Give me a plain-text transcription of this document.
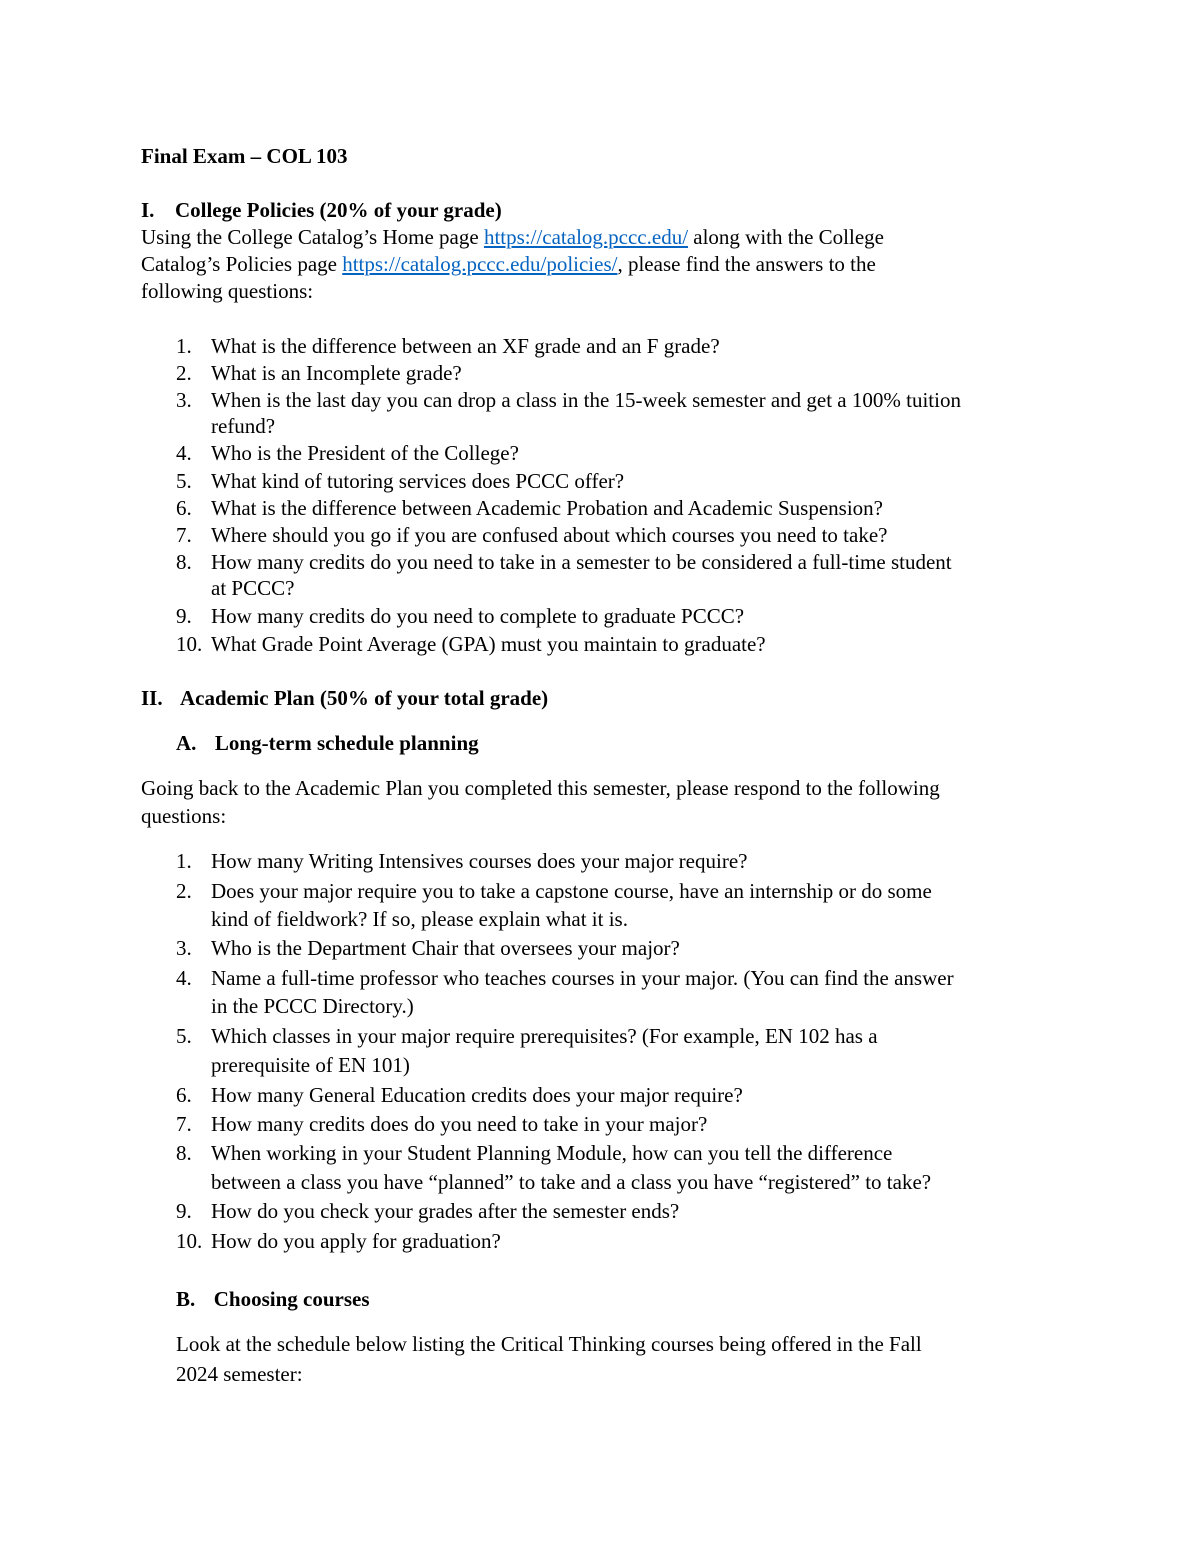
Final Exam – COL 103
I. College Policies (20% of your grade)
Using the College Catalog’s Home page https://catalog.pccc.edu/ along with the College
Catalog’s Policies page https://catalog.pccc.edu/policies/, please find the answers to the
following questions:
1. What is the difference between an XF grade and an F grade?
2. What is an Incomplete grade?
3. When is the last day you can drop a class in the 15-week semester and get a 100% tuition
refund?
4. Who is the President of the College?
5. What kind of tutoring services does PCCC offer?
6. What is the difference between Academic Probation and Academic Suspension?
7. Where should you go if you are confused about which courses you need to take?
8. How many credits do you need to take in a semester to be considered a full-time student
at PCCC?
9. How many credits do you need to complete to graduate PCCC?
10. What Grade Point Average (GPA) must you maintain to graduate?
II. Academic Plan (50% of your total grade)
A. Long-term schedule planning
Going back to the Academic Plan you completed this semester, please respond to the following
questions:
1. How many Writing Intensives courses does your major require?
2. Does your major require you to take a capstone course, have an internship or do some
kind of fieldwork? If so, please explain what it is.
3. Who is the Department Chair that oversees your major?
4. Name a full-time professor who teaches courses in your major. (You can find the answer
in the PCCC Directory.)
5. Which classes in your major require prerequisites? (For example, EN 102 has a
prerequisite of EN 101)
6. How many General Education credits does your major require?
7. How many credits does do you need to take in your major?
8. When working in your Student Planning Module, how can you tell the difference
between a class you have “planned” to take and a class you have “registered” to take?
9. How do you check your grades after the semester ends?
10. How do you apply for graduation?
B. Choosing courses
Look at the schedule below listing the Critical Thinking courses being offered in the Fall
2024 semester:
